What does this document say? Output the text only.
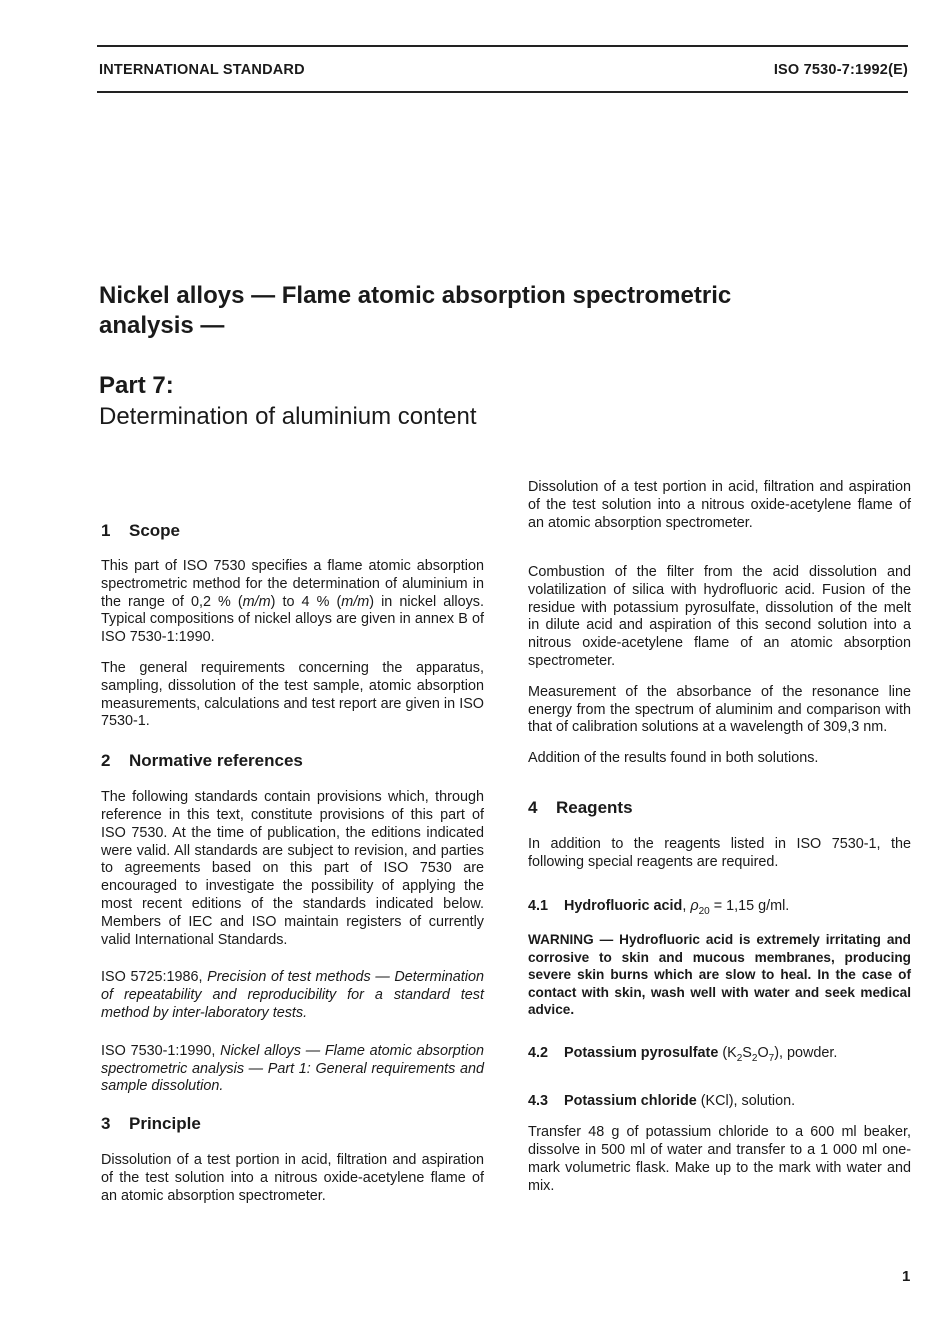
INTERNATIONAL STANDARD	ISO 7530-7:1992(E)
Nickel alloys — Flame atomic absorption spectrometric
analysis —
Part 7:
Determination of aluminium content
1 Scope

This part of ISO 7530 specifies a flame atomic absorption spectrometric method for the determination of aluminium in the range of 0,2 % (m/m) to 4 % (m/m) in nickel alloys. Typical compositions of nickel alloys are given in annex B of ISO 7530-1:1990.

The general requirements concerning the apparatus, sampling, dissolution of the test sample, atomic absorption measurements, calculations and test report are given in ISO 7530-1.

2 Normative references

The following standards contain provisions which, through reference in this text, constitute provisions of this part of ISO 7530. At the time of publication, the editions indicated were valid. All standards are subject to revision, and parties to agreements based on this part of ISO 7530 are encouraged to investigate the possibility of applying the most recent editions of the standards indicated below. Members of IEC and ISO maintain registers of currently valid International Standards.

ISO 5725:1986, Precision of test methods — Determination of repeatability and reproducibility for a standard test method by inter-laboratory tests.

ISO 7530-1:1990, Nickel alloys — Flame atomic absorption spectrometric analysis — Part 1: General requirements and sample dissolution.

3 Principle

Dissolution of a test portion in acid, filtration and aspiration of the test solution into a nitrous oxide-acetylene flame of an atomic absorption spectrometer.

Dissolution of a test portion in acid, filtration and aspiration of the test solution into a nitrous oxide-acetylene flame of an atomic absorption spectrometer.

Combustion of the filter from the acid dissolution and volatilization of silica with hydrofluoric acid. Fusion of the residue with potassium pyrosulfate, dissolution of the melt in dilute acid and aspiration of this second solution into a nitrous oxide-acetylene flame of an atomic absorption spectrometer.

Measurement of the absorbance of the resonance line energy from the spectrum of aluminim and comparison with that of calibration solutions at a wavelength of 309,3 nm.

Addition of the results found in both solutions.

4 Reagents

In addition to the reagents listed in ISO 7530-1, the following special reagents are required.

4.1 Hydrofluoric acid, $\rho_{20} = 1,15$ g/ml.

WARNING — Hydrofluoric acid is extremely irritating and corrosive to skin and mucous membranes, producing severe skin burns which are slow to heal. In the case of contact with skin, wash well with water and seek medical advice.

4.2 Potassium pyrosulfate $(K_2S_2O_7)$, powder.

4.3 Potassium chloride (KCl), solution.

Transfer 48 g of potassium chloride to a 600 ml beaker, dissolve in 500 ml of water and transfer to a 1 000 ml one-mark volumetric flask. Make up to the mark with water and mix.

1
